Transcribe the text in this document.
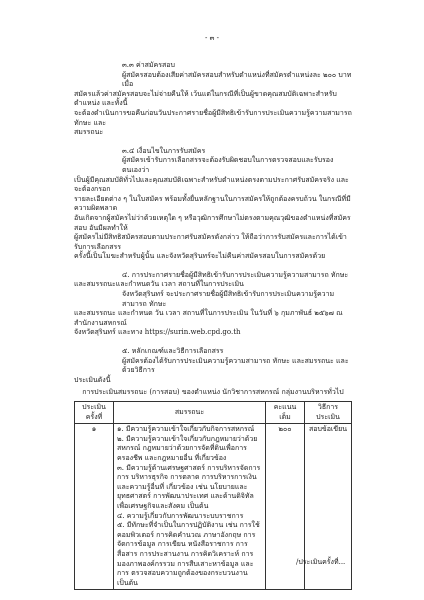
- ๓ -

๓.๓ ค่าสมัครสอบ

ผู้สมัครสอบต้องเสียค่าสมัครสอบสำหรับตำแหน่งที่สมัครตำแหน่งละ ๒๐๐ บาท เมื่อ

สมัครแล้วค่าสมัครสอบจะไม่จ่ายคืนให้ เว้นแต่ในกรณีที่เป็นผู้ขาดคุณสมบัติเฉพาะสำหรับตำแหน่ง และทั้งนี้

จะต้องดำเนินการขอคืนก่อนวันประกาศรายชื่อผู้มีสิทธิเข้ารับการประเมินความรู้ความสามารถ ทักษะ และ

สมรรถนะ

๓.๔ เงื่อนไขในการรับสมัคร

ผู้สมัครเข้ารับการเลือกสรรจะต้องรับผิดชอบในการตรวจสอบและรับรองตนเองว่า

เป็นผู้มีคุณสมบัติทั่วไปและคุณสมบัติเฉพาะสำหรับตำแหน่งตรงตามประกาศรับสมัครจริง และจะต้องกรอก

รายละเอียดต่าง ๆ ในใบสมัคร พร้อมทั้งยื่นหลักฐานในการสมัครให้ถูกต้องครบถ้วน ในกรณีที่มีความผิดพลาด

อันเกิดจากผู้สมัครไม่ว่าด้วยเหตุใด ๆ หรือวุฒิการศึกษาไม่ตรงตามคุณวุฒิของตำแหน่งที่สมัครสอบ อันมีผลทำให้

ผู้สมัครไม่มีสิทธิสมัครสอบตามประกาศรับสมัครดังกล่าว ให้ถือว่าการรับสมัครและการได้เข้ารับการเลือกสรร

ครั้งนี้เป็นโมฆะสำหรับผู้นั้น และจังหวัดสุรินทร์จะไม่คืนค่าสมัครสอบในการสมัครด้วย

๔. การประกาศรายชื่อผู้มีสิทธิเข้ารับการประเมินความรู้ความสามารถ ทักษะ

และสมรรถนะและกำหนดวัน เวลา สถานที่ในการประเมิน

จังหวัดสุรินทร์ จะประกาศรายชื่อผู้มีสิทธิเข้ารับการประเมินความรู้ความสามารถ ทักษะ

และสมรรถนะ และกำหนด วัน เวลา สถานที่ในการประเมิน ในวันที่ ๖ กุมภาพันธ์ ๒๕๖๗ ณ สำนักงานสหกรณ์

จังหวัดสุรินทร์ และทาง https://surin.web.cpd.go.th

๕. หลักเกณฑ์และวิธีการเลือกสรร

ผู้สมัครต้องได้รับการประเมินความรู้ความสามารถ ทักษะ และสมรรถนะ และด้วยวิธีการ

ประเมินดังนี้

การประเมินสมรรถนะ (การสอบ) ของตำแหน่ง นักวิชาการสหกรณ์ กลุ่มงานบริหารทั่วไป

ประเมิน ครั้งที่	สมรรถนะ	คะแนน เต็ม	วิธีการ ประเมิน
๑	๑. มีความรู้ความเข้าใจเกี่ยวกับกิจการสหกรณ์

๒. มีความรู้ความเข้าใจเกี่ยวกับกฎหมายว่าด้วยสหกรณ์ กฎหมายว่าด้วยการจัดที่ดินเพื่อการครองชีพ และกฎหมายอื่น ที่เกี่ยวข้อง

๓. มีความรู้ด้านเศรษฐศาสตร์ การบริหารจัดการ การ บริหารธุรกิจ การตลาด การบริหารการเงิน และความรู้อื่นที่ เกี่ยวข้อง เช่น นโยบายและยุทธศาสตร์ การพัฒนาประเทศ และด้านดิจิทัลเพื่อเศรษฐกิจและสังคม เป็นต้น

๔. ความรู้เกี่ยวกับการพัฒนาระบบราชการ

๕. มีทักษะที่จำเป็นในการปฏิบัติงาน เช่น การใช้คอมพิวเตอร์ การคิดคำนวณ ภาษาอังกฤษ การจัดการข้อมูล การเขียน หนังสือราชการ การสื่อสาร การประสานงาน การคิดวิเคราะห์ การมองภาพองค์กรรวม การสืบเสาะหาข้อมูล และการ ตรวจสอบความถูกต้องของกระบวนงาน เป็นต้น	๒๐๐	สอบข้อเขียน
/ประเมินครั้งที่...
